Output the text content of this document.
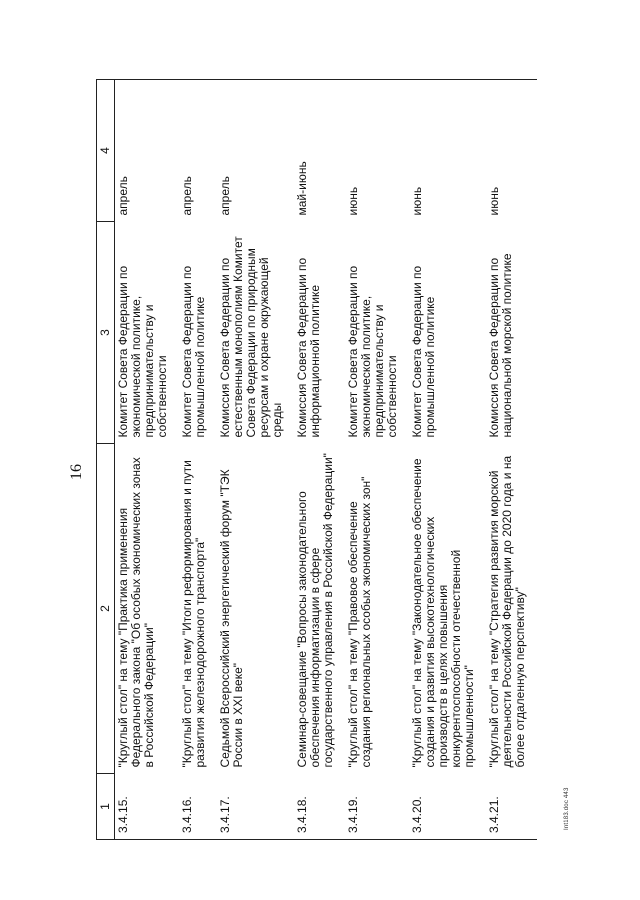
16
1	2	3	4
3.4.15.	"Круглый стол" на тему "Практика применения Федерального закона "Об особых экономических зонах в Российской Федерации"	Комитет Совета Федерации по экономической политике, предпринимательству и собственности	апрель
3.4.16.	"Круглый стол" на тему "Итоги реформирования и пути развития железнодорожного транспорта"	Комитет Совета Федерации по промышленной политике	апрель
3.4.17.	Седьмой Всероссийский энергетический форум "ТЭК России в XXI веке"	Комиссия Совета Федерации по естественным монополиям Комитет Совета Федерации по природным ресурсам и охране окружающей среды	апрель
3.4.18.	Семинар-совещание "Вопросы законодательного обеспечения информатизации в сфере государственного управления в Российской Федерации"	Комиссия Совета Федерации по информационной политике	май-июнь
3.4.19.	"Круглый стол" на тему "Правовое обеспечение создания региональных особых экономических зон"	Комитет Совета Федерации по экономической политике, предпринимательству и собственности	июнь
3.4.20.	"Круглый стол" на тему "Законодательное обеспечение создания и развития высокотехнологических производств в целях повышения конкурентоспособности отечественной промышленности"	Комитет Совета Федерации по промышленной политике	июнь
3.4.21.	"Круглый стол" на тему "Стратегия развития морской деятельности Российской Федерации до 2020 года и на более отдаленную перспективу"	Комиссия Совета Федерации по национальной морской политике	июнь
Int183.doc 443
